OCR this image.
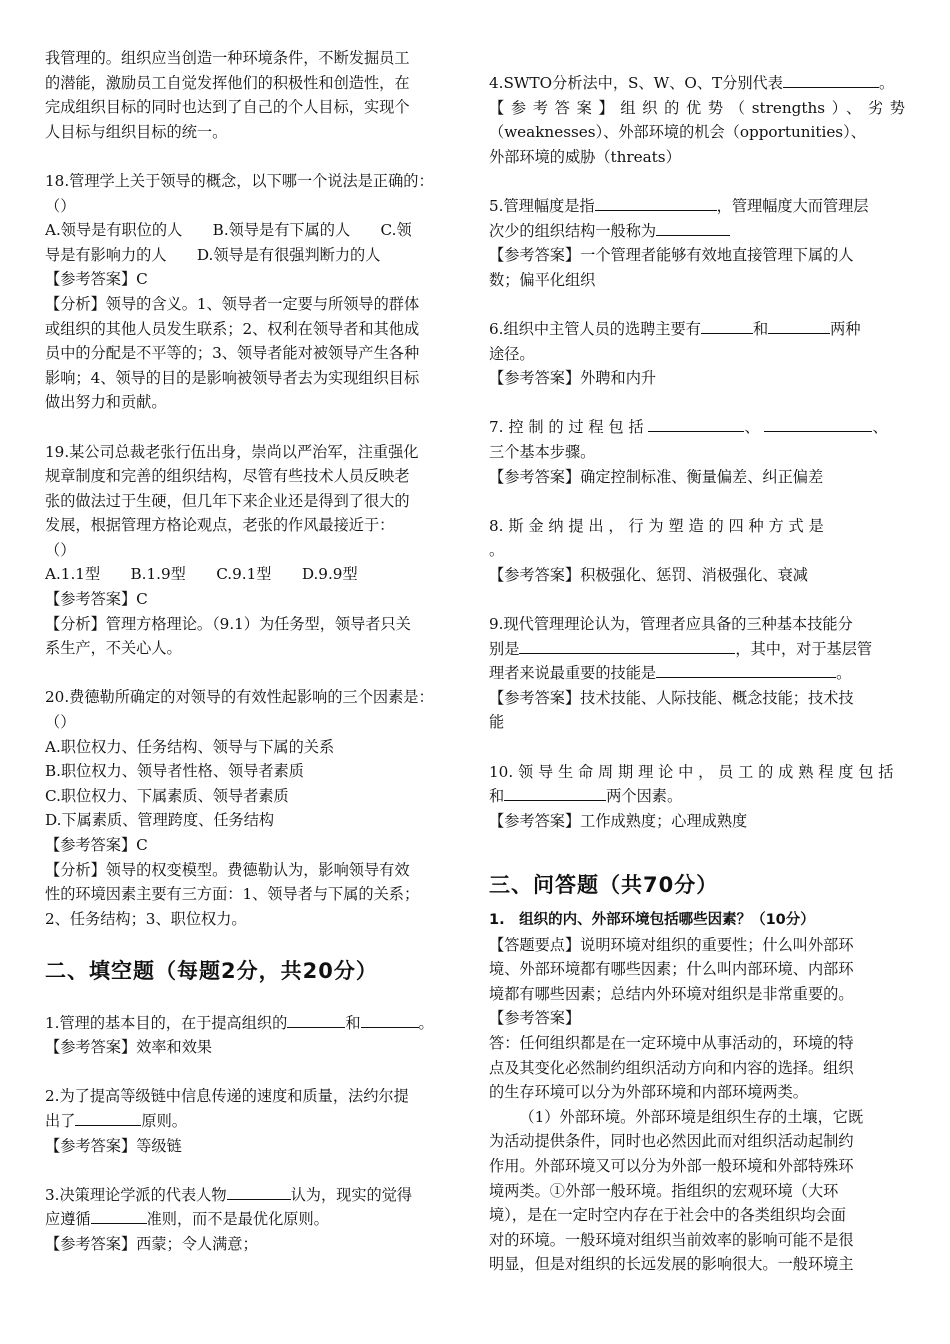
我管理的。组织应当创造一种环境条件，不断发掘员工

的潜能，激励员工自觉发挥他们的积极性和创造性，在

完成组织目标的同时也达到了自己的个人目标，实现个

人目标与组织目标的统一。

18.管理学上关于领导的概念，以下哪一个说法是正确的：

（）

A.领导是有职位的人　　B.领导是有下属的人　　C.领

导是有影响力的人　　D.领导是有很强判断力的人

【参考答案】C

【分析】领导的含义。1、领导者一定要与所领导的群体

或组织的其他人员发生联系；2、权利在领导者和其他成

员中的分配是不平等的；3、领导者能对被领导产生各种

影响；4、领导的目的是影响被领导者去为实现组织目标

做出努力和贡献。

19.某公司总裁老张行伍出身，崇尚以严治军，注重强化

规章制度和完善的组织结构，尽管有些技术人员反映老

张的做法过于生硬，但几年下来企业还是得到了很大的

发展，根据管理方格论观点，老张的作风最接近于：

（）

A.1.1型　　B.1.9型　　C.9.1型　　D.9.9型

【参考答案】C

【分析】管理方格理论。（9.1）为任务型，领导者只关

系生产，不关心人。

20.费德勒所确定的对领导的有效性起影响的三个因素是：

（）

A.职位权力、任务结构、领导与下属的关系

B.职位权力、领导者性格、领导者素质

C.职位权力、下属素质、领导者素质

D.下属素质、管理跨度、任务结构

【参考答案】C

【分析】领导的权变模型。费德勒认为，影响领导有效

性的环境因素主要有三方面：1、领导者与下属的关系；

2、任务结构；3、职位权力。

二、填空题（每题2分，共20分）

1.管理的基本目的，在于提高组织的	和	。

【参考答案】效率和效果

2.为了提高等级链中信息传递的速度和质量，法约尔提

出了	原则。

【参考答案】等级链

3.决策理论学派的代表人物	认为，现实的觉得

应遵循	准则，而不是最优化原则。

【参考答案】西蒙；令人满意；

4.SWTO分析法中，S、W、O、T分别代表	。

【参考答案】组织的优势（strengths）、劣势

（weaknesses）、外部环境的机会（opportunities）、

外部环境的威胁（threats）

5.管理幅度是指	，管理幅度大而管理层

次少的组织结构一般称为

【参考答案】一个管理者能够有效地直接管理下属的人

数；偏平化组织

6.组织中主管人员的选聘主要有	和	两种

途径。

【参考答案】外聘和内升

7. 控 制 的 过 程 包 括	、	、

三个基本步骤。

【参考答案】确定控制标准、衡量偏差、纠正偏差

8. 斯 金 纳 提 出 ， 行 为 塑 造 的 四 种 方 式 是

。

【参考答案】积极强化、惩罚、消极强化、衰减

9.现代管理理论认为，管理者应具备的三种基本技能分

别是	，其中，对于基层管

理者来说最重要的技能是	。

【参考答案】技术技能、人际技能、概念技能；技术技

能

10. 领 导 生 命 周 期 理 论 中 ， 员 工 的 成 熟 程 度 包 括

和	两个因素。

【参考答案】工作成熟度；心理成熟度

三、问答题（共70分）

1.　组织的内、外部环境包括哪些因素？（10分）

【答题要点】说明环境对组织的重要性；什么叫外部环

境、外部环境都有哪些因素；什么叫内部环境、内部环

境都有哪些因素；总结内外环境对组织是非常重要的。

【参考答案】

答：任何组织都是在一定环境中从事活动的，环境的特

点及其变化必然制约组织活动方向和内容的选择。组织

的生存环境可以分为外部环境和内部环境两类。

（1）外部环境。外部环境是组织生存的土壤，它既

为活动提供条件，同时也必然因此而对组织活动起制约

作用。外部环境又可以分为外部一般环境和外部特殊环

境两类。①外部一般环境。指组织的宏观环境（大环

境），是在一定时空内存在于社会中的各类组织均会面

对的环境。一般环境对组织当前效率的影响可能不是很

明显，但是对组织的长远发展的影响很大。一般环境主
